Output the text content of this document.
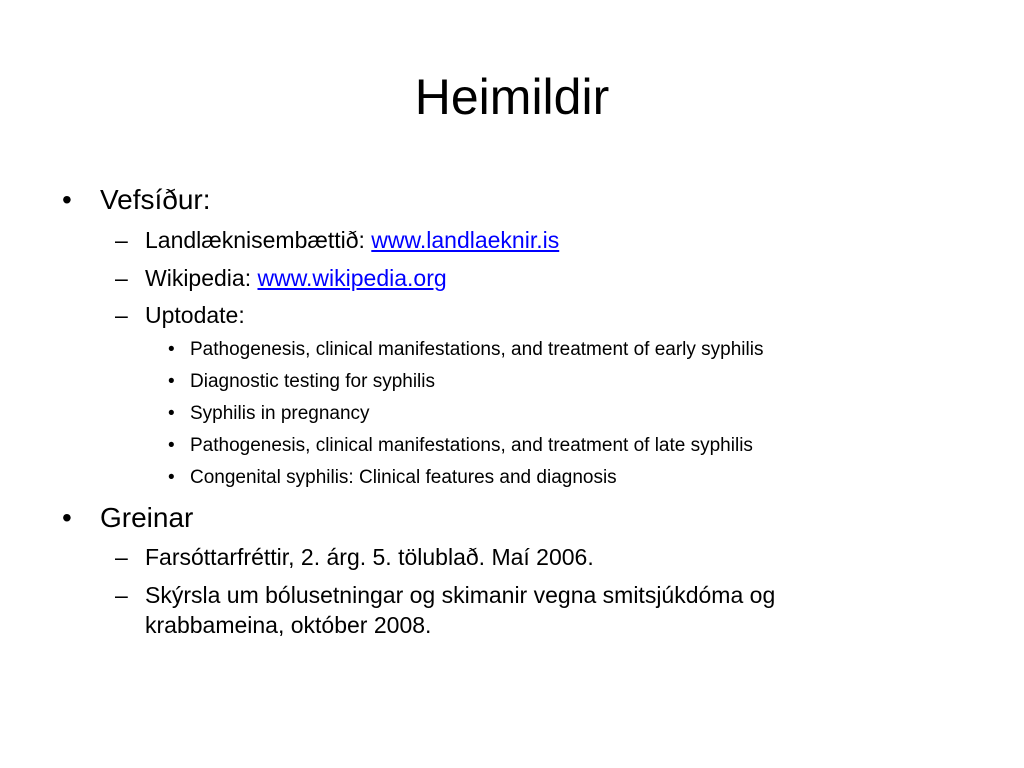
Heimildir
• Vefsíður:
– Landlæknisembættið: www.landlaeknir.is
– Wikipedia: www.wikipedia.org
– Uptodate:
• Pathogenesis, clinical manifestations, and treatment of early syphilis
• Diagnostic testing for syphilis
• Syphilis in pregnancy
• Pathogenesis, clinical manifestations, and treatment of late syphilis
• Congenital syphilis: Clinical features and diagnosis
• Greinar
– Farsóttarfréttir, 2. árg. 5. tölublað. Maí 2006.
– Skýrsla um bólusetningar og skimanir vegna smitsjúkdóma og
krabbameina, október 2008.
